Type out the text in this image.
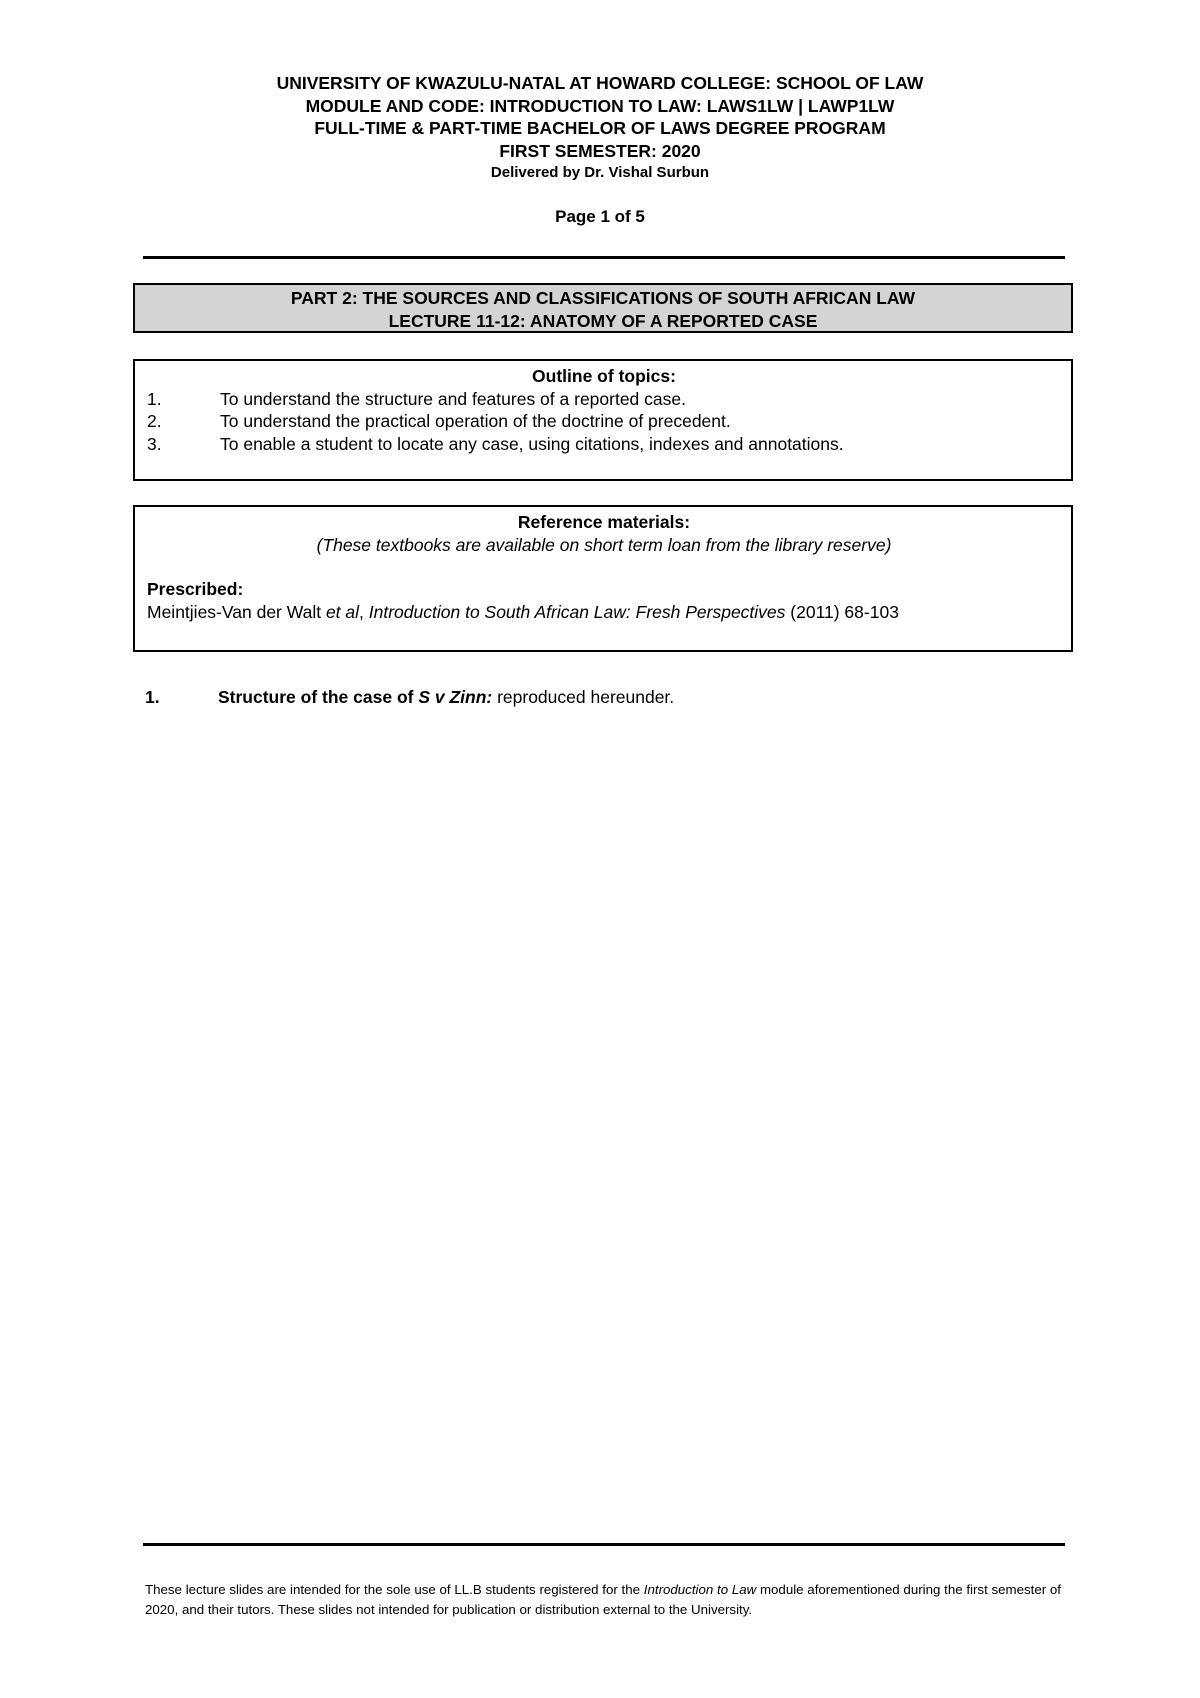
UNIVERSITY OF KWAZULU-NATAL AT HOWARD COLLEGE: SCHOOL OF LAW
MODULE AND CODE: INTRODUCTION TO LAW: LAWS1LW | LAWP1LW
FULL-TIME & PART-TIME BACHELOR OF LAWS DEGREE PROGRAM
FIRST SEMESTER: 2020
Delivered by Dr. Vishal Surbun
Page 1 of 5
PART 2: THE SOURCES AND CLASSIFICATIONS OF SOUTH AFRICAN LAW
LECTURE 11-12: ANATOMY OF A REPORTED CASE
Outline of topics:
1.	To understand the structure and features of a reported case.
2.	To understand the practical operation of the doctrine of precedent.
3.	To enable a student to locate any case, using citations, indexes and annotations.
Reference materials:
(These textbooks are available on short term loan from the library reserve)
Prescribed:
Meintjies-Van der Walt et al, Introduction to South African Law: Fresh Perspectives (2011) 68-103
1.	Structure of the case of S v Zinn: reproduced hereunder.
These lecture slides are intended for the sole use of LL.B students registered for the Introduction to Law module aforementioned during the first semester of 2020, and their tutors. These slides not intended for publication or distribution external to the University.
